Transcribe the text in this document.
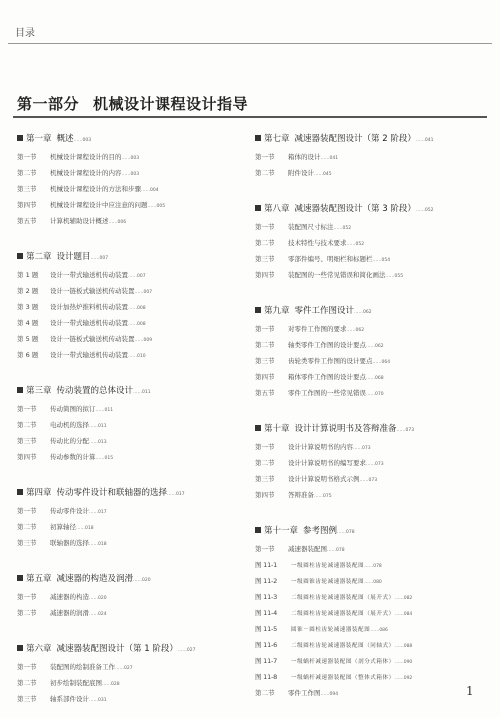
目录
第一部分 机械设计课程设计指导
第一章 概述……003
第一节 机械设计课程设计的目的……003
第二节 机械设计课程设计的内容……003
第三节 机械设计课程设计的方法和步骤……004
第四节 机械设计课程设计中应注意的问题……005
第五节 计算机辅助设计概述……006
第二章 设计题目……007
第 1 题 设计一带式输送机传动装置……007
第 2 题 设计一链板式输送机传动装置……007
第 3 题 设计加热炉推料机传动装置……008
第 4 题 设计一带式输送机传动装置……008
第 5 题 设计一链板式输送机传动装置……009
第 6 题 设计一带式输送机传动装置……010
第三章 传动装置的总体设计……011
第一节 传动简图的拟订……011
第二节 电动机的选择……011
第三节 传动比的分配……013
第四节 传动参数的计算……015
第四章 传动零件设计和联轴器的选择……017
第一节 传动零件设计……017
第二节 初算轴径……018
第三节 联轴器的选择……018
第五章 减速器的构造及润滑……020
第一节 减速器的构造……020
第二节 减速器的润滑……024
第六章 减速器装配图设计（第 1 阶段）……027
第一节 装配图的绘制准备工作……027
第二节 初步绘制装配底图……028
第三节 轴系部件设计……031
第七章 减速器装配图设计（第 2 阶段）……041
第一节 箱体的设计……041
第二节 附件设计……045
第八章 减速器装配图设计（第 3 阶段）……052
第一节 装配图尺寸标注……052
第二节 技术特性与技术要求……052
第三节 零部件编号、明细栏和标题栏……054
第四节 装配图的一些常见错误和简化画法……055
第九章 零件工作图设计……062
第一节 对零件工作图的要求……062
第二节 轴类零件工作图的设计要点……062
第三节 齿轮类零件工作图的设计要点……064
第四节 箱体零件工作图的设计要点……068
第五节 零件工作图的一些常见错误……070
第十章 设计计算说明书及答辩准备……073
第一节 设计计算说明书的内容……073
第二节 设计计算说明书的编写要求……073
第三节 设计计算说明书格式示例……073
第四节 答辩准备……075
第十一章 参考图例……078
第一节 减速器装配图……078
图 11-1	一级圆柱齿轮减速器装配图……078
图 11-2	一级圆锥齿轮减速器装配图……080
图 11-3	二级圆柱齿轮减速器装配图（展开式）……082
图 11-4	二级圆柱齿轮减速器装配图（展开式）……084
图 11-5	圆锥－圆柱齿轮减速器装配图……086
图 11-6	二级圆柱齿轮减速器装配图（同轴式）……088
图 11-7	一级蜗杆减速器装配图（剖分式箱体）……090
图 11-8	一级蜗杆减速器装配图（整体式箱体）……092
第二节 零件工作图……094	1
